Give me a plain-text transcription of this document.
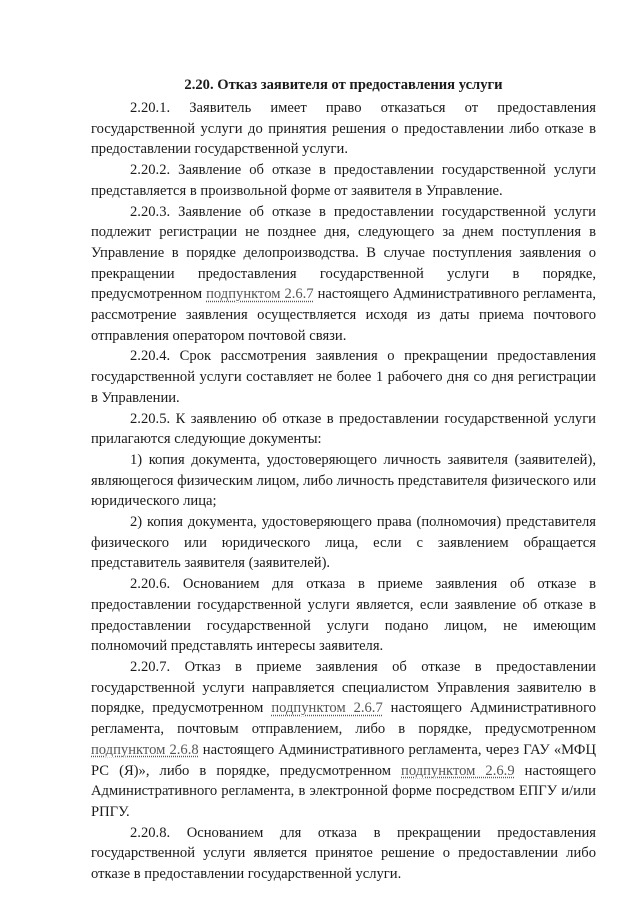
2.20. Отказ заявителя от предоставления услуги

2.20.1. Заявитель имеет право отказаться от предоставления государственной услуги до принятия решения о предоставлении либо отказе в предоставлении государственной услуги.

2.20.2. Заявление об отказе в предоставлении государственной услуги представляется в произвольной форме от заявителя в Управление.

2.20.3. Заявление об отказе в предоставлении государственной услуги подлежит регистрации не позднее дня, следующего за днем поступления в Управление в порядке делопроизводства. В случае поступления заявления о прекращении предоставления государственной услуги в порядке, предусмотренном подпунктом 2.6.7 настоящего Административного регламента, рассмотрение заявления осуществляется исходя из даты приема почтового отправления оператором почтовой связи.

2.20.4. Срок рассмотрения заявления о прекращении предоставления государственной услуги составляет не более 1 рабочего дня со дня регистрации в Управлении.

2.20.5. К заявлению об отказе в предоставлении государственной услуги прилагаются следующие документы:

1) копия документа, удостоверяющего личность заявителя (заявителей), являющегося физическим лицом, либо личность представителя физического или юридического лица;

2) копия документа, удостоверяющего права (полномочия) представителя физического или юридического лица, если с заявлением обращается представитель заявителя (заявителей).

2.20.6. Основанием для отказа в приеме заявления об отказе в предоставлении государственной услуги является, если заявление об отказе в предоставлении государственной услуги подано лицом, не имеющим полномочий представлять интересы заявителя.

2.20.7. Отказ в приеме заявления об отказе в предоставлении государственной услуги направляется специалистом Управления заявителю в порядке, предусмотренном подпунктом 2.6.7 настоящего Административного регламента, почтовым отправлением, либо в порядке, предусмотренном подпунктом 2.6.8 настоящего Административного регламента, через ГАУ «МФЦ РС (Я)», либо в порядке, предусмотренном подпунктом 2.6.9 настоящего Административного регламента, в электронной форме посредством ЕПГУ и/или РПГУ.

2.20.8. Основанием для отказа в прекращении предоставления государственной услуги является принятое решение о предоставлении либо отказе в предоставлении государственной услуги.
